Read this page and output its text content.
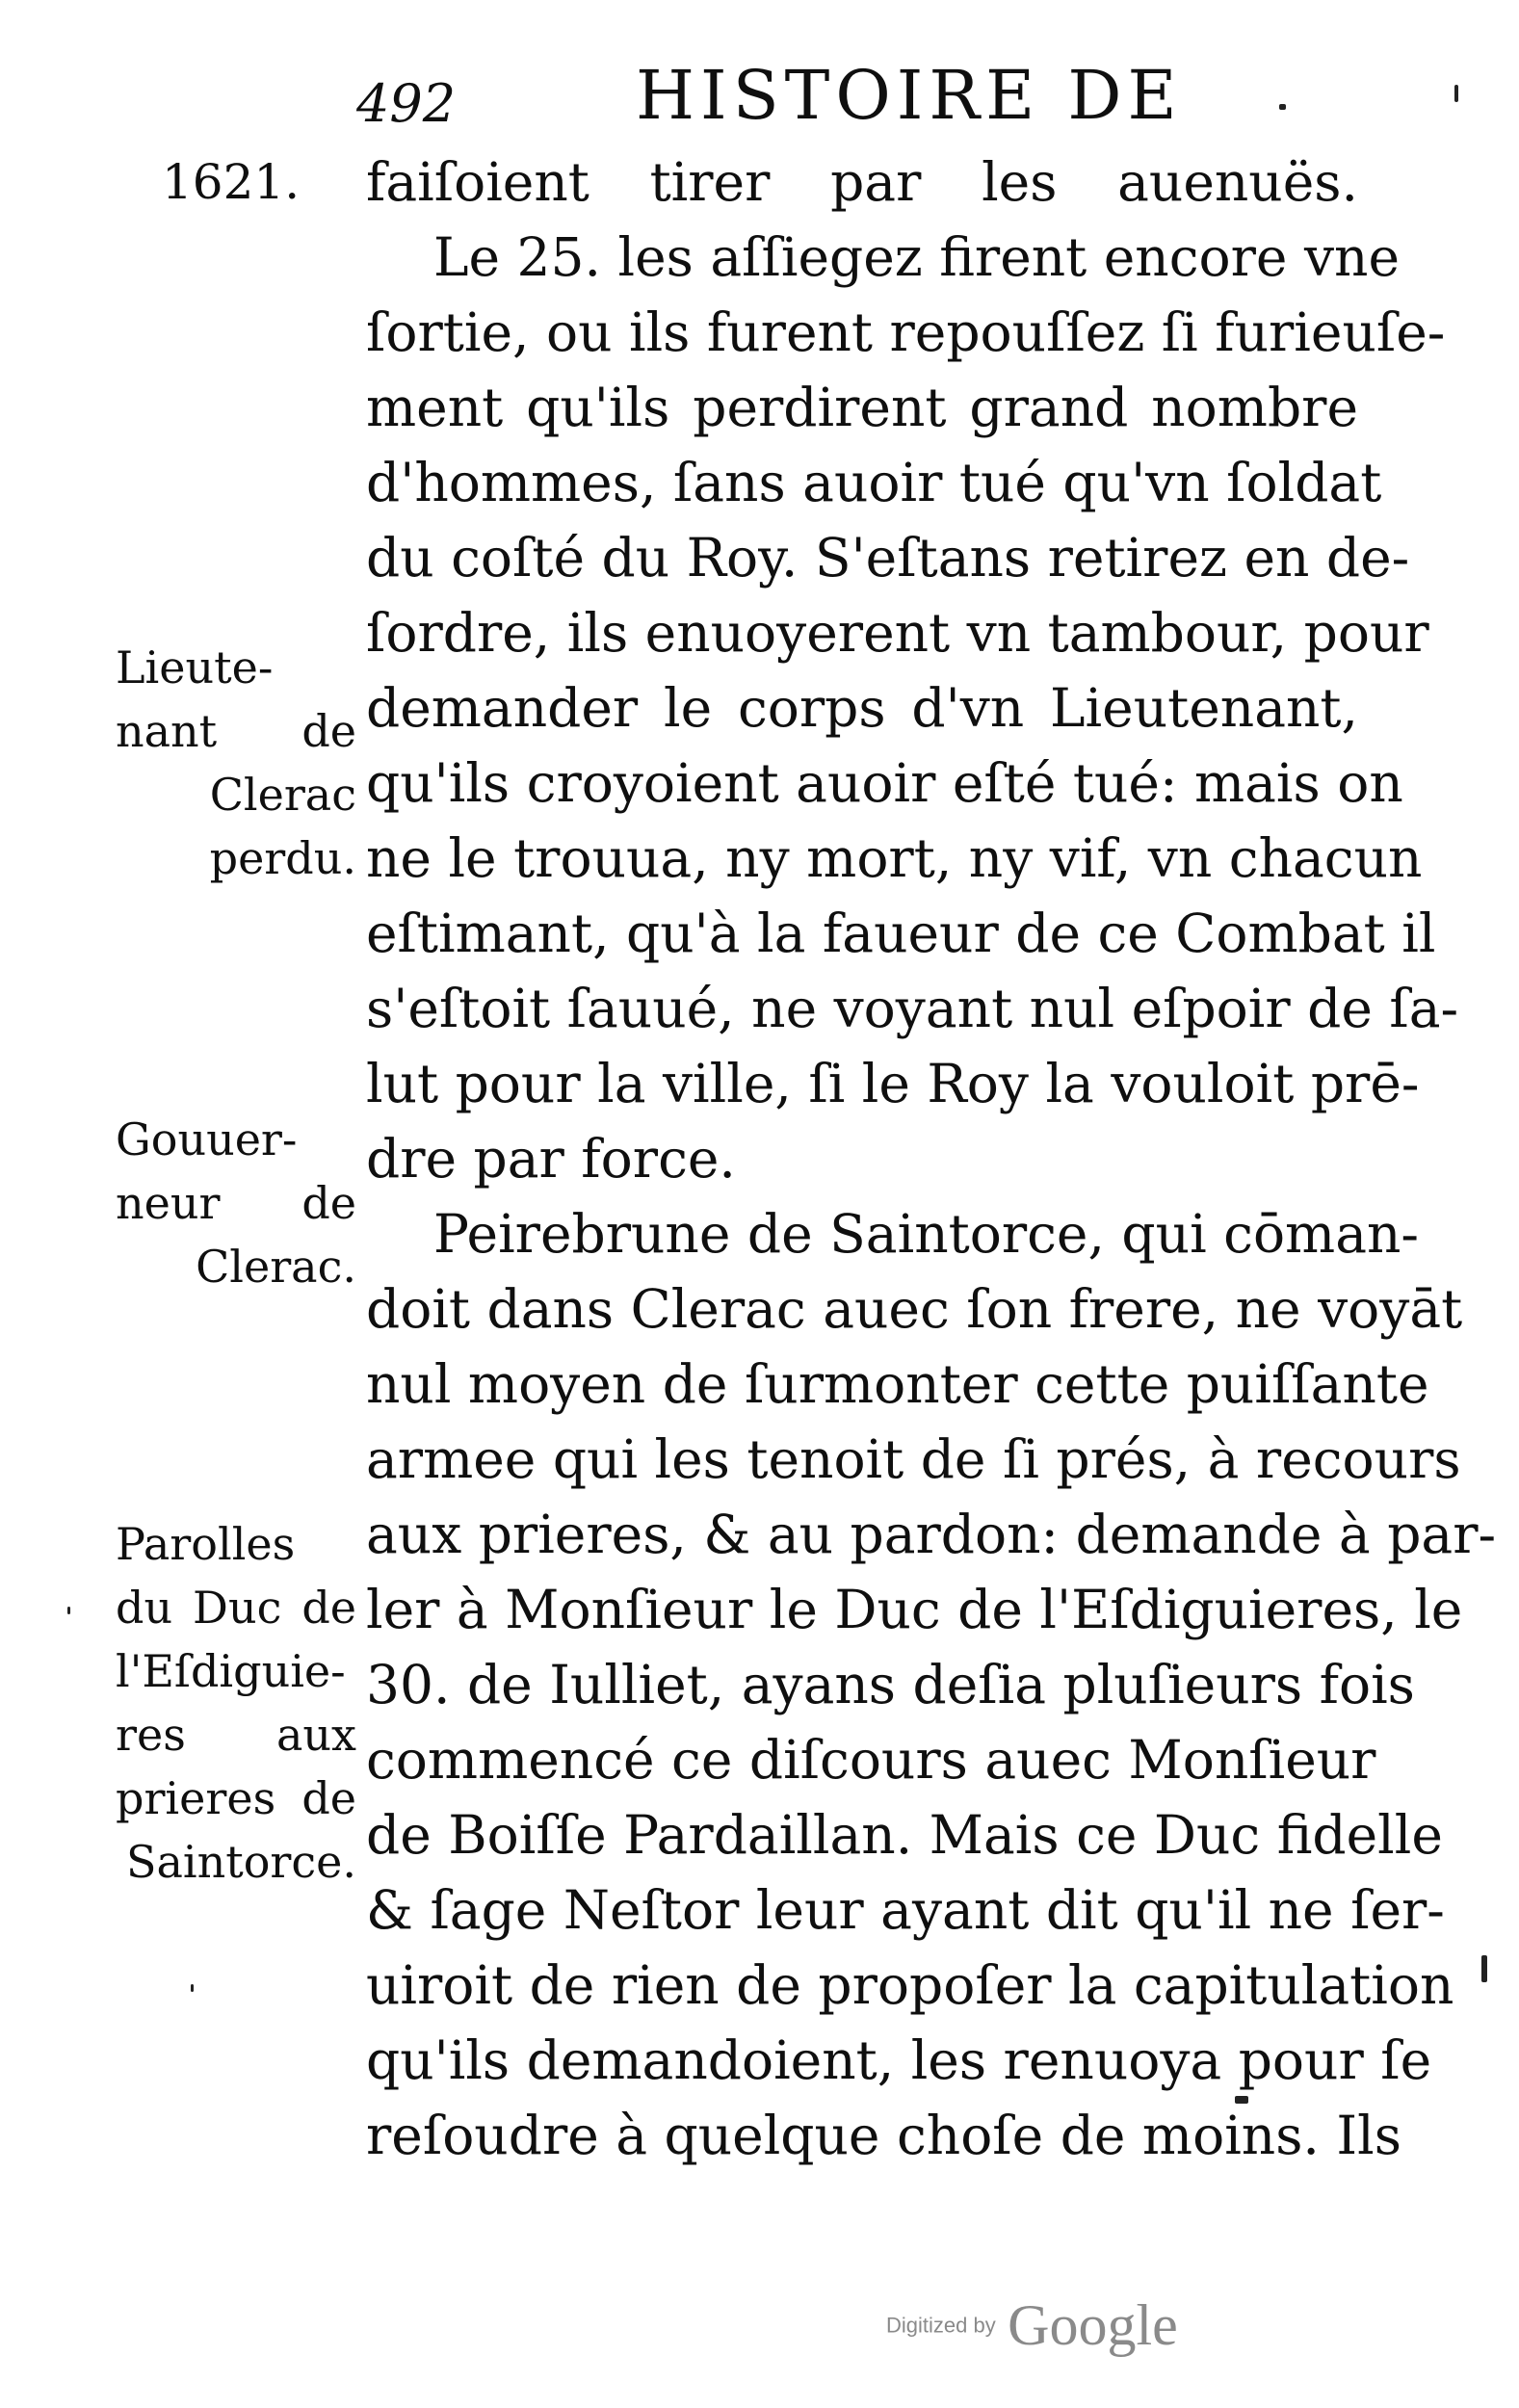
492	HISTOIRE DE
1621. faiſoient tirer par les auenuës.
Le 25. les aſſiegez firent encore vne
ſortie, ou ils furent repouſſez ſi furieuſe-
ment qu'ils perdirent grand nombre
d'hommes, ſans auoir tué qu'vn ſoldat
du coſté du Roy. S'eſtans retirez en de-
ſordre, ils enuoyerent vn tambour, pour
demander le corps d'vn Lieutenant,
qu'ils croyoient auoir eſté tué: mais on
ne le trouua, ny mort, ny vif, vn chacun
eſtimant, qu'à la faueur de ce Combat il
s'eſtoit ſauué, ne voyant nul eſpoir de ſa-
lut pour la ville, ſi le Roy la vouloit prē-
dre par force.
Peirebrune de Saintorce, qui cōman-
doit dans Clerac auec ſon frere, ne voyāt
nul moyen de ſurmonter cette puiſſante
armee qui les tenoit de ſi prés, à recours
aux prieres, & au pardon: demande à par-
ler à Monſieur le Duc de l'Eſdiguieres, le
30. de Iulliet, ayans deſia pluſieurs fois
commencé ce diſcours auec Monſieur
de Boiſſe Pardaillan. Mais ce Duc fidelle
& ſage Neſtor leur ayant dit qu'il ne ſer-
uiroit de rien de propoſer la capitulation
qu'ils demandoient, les renuoya pour ſe
reſoudre à quelque choſe de moins. Ils
Lieute-
nant de
Clerac
perdu.
Gouuer-
neur de
Clerac.
Parolles
du Duc de
l'Eſdiguie-
res aux
prieres de
Saintorce.
Digitized by Google
